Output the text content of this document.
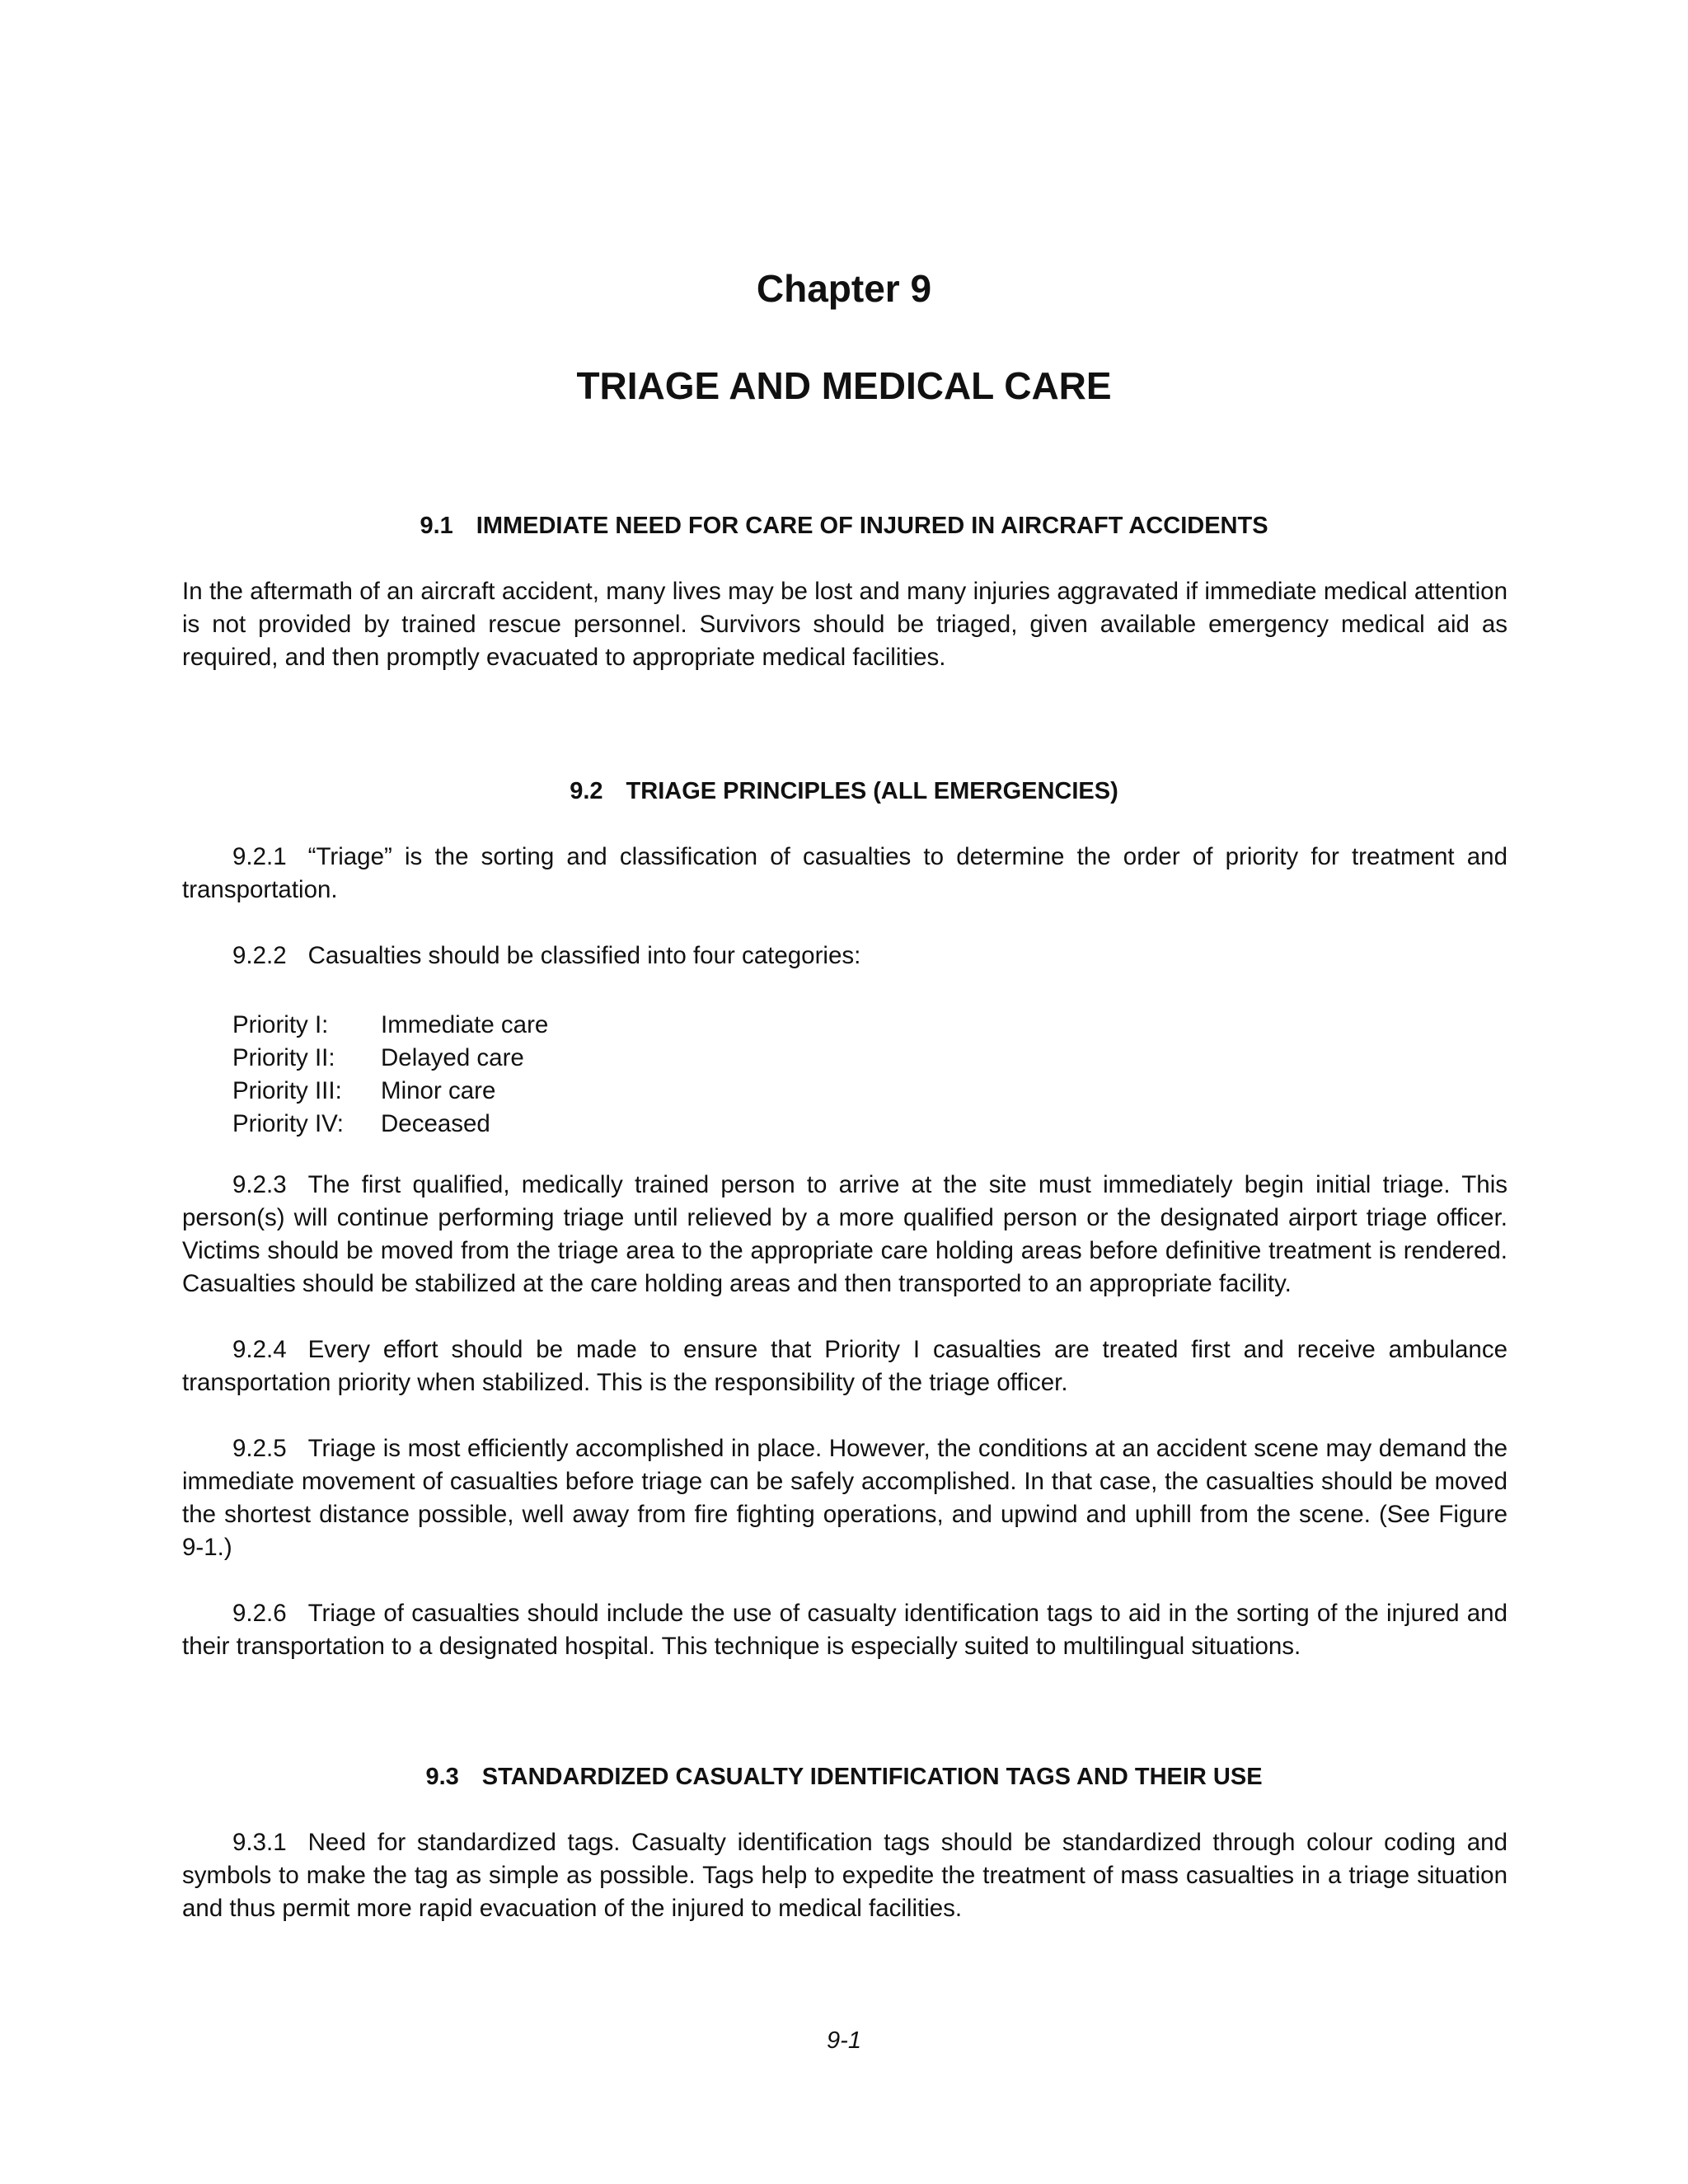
Chapter 9
TRIAGE AND MEDICAL CARE
9.1 IMMEDIATE NEED FOR CARE OF INJURED IN AIRCRAFT ACCIDENTS

In the aftermath of an aircraft accident, many lives may be lost and many injuries aggravated if immediate medical attention is not provided by trained rescue personnel. Survivors should be triaged, given available emergency medical aid as required, and then promptly evacuated to appropriate medical facilities.

9.2 TRIAGE PRINCIPLES (ALL EMERGENCIES)

9.2.1 “Triage” is the sorting and classification of casualties to determine the order of priority for treatment and transportation.

9.2.2 Casualties should be classified into four categories:

Priority I:	Immediate care
Priority II:	Delayed care
Priority III:	Minor care
Priority IV:	Deceased

9.2.3 The first qualified, medically trained person to arrive at the site must immediately begin initial triage. This person(s) will continue performing triage until relieved by a more qualified person or the designated airport triage officer. Victims should be moved from the triage area to the appropriate care holding areas before definitive treatment is rendered. Casualties should be stabilized at the care holding areas and then transported to an appropriate facility.

9.2.4 Every effort should be made to ensure that Priority I casualties are treated first and receive ambulance transportation priority when stabilized. This is the responsibility of the triage officer.

9.2.5 Triage is most efficiently accomplished in place. However, the conditions at an accident scene may demand the immediate movement of casualties before triage can be safely accomplished. In that case, the casualties should be moved the shortest distance possible, well away from fire fighting operations, and upwind and uphill from the scene. (See Figure 9-1.)

9.2.6 Triage of casualties should include the use of casualty identification tags to aid in the sorting of the injured and their transportation to a designated hospital. This technique is especially suited to multilingual situations.

9.3 STANDARDIZED CASUALTY IDENTIFICATION TAGS AND THEIR USE

9.3.1 Need for standardized tags. Casualty identification tags should be standardized through colour coding and symbols to make the tag as simple as possible. Tags help to expedite the treatment of mass casualties in a triage situation and thus permit more rapid evacuation of the injured to medical facilities.

9-1
